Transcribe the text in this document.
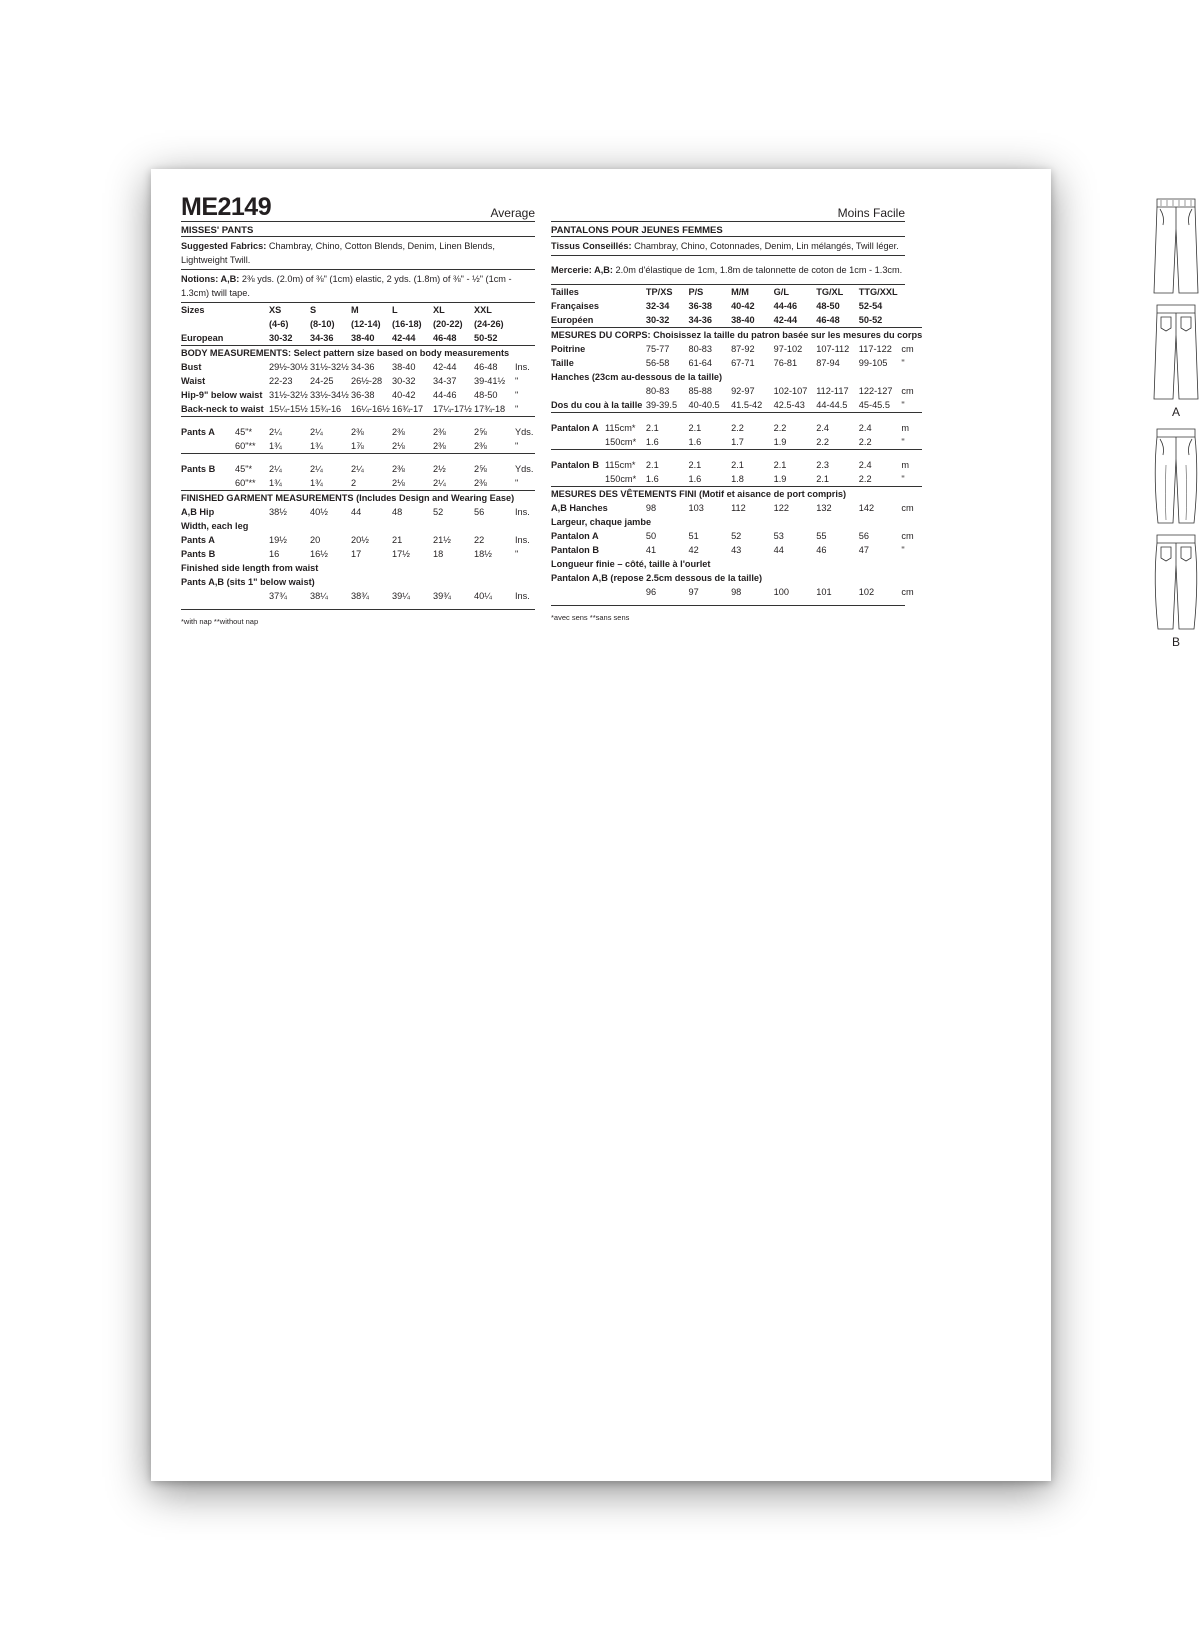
ME2149	Average
MISSES' PANTS
Suggested Fabrics: Chambray, Chino, Cotton Blends, Denim, Linen Blends, Lightweight Twill.
Notions: A,B: 2⅜ yds. (2.0m) of ⅜" (1cm) elastic, 2 yds. (1.8m) of ⅜" - ½" (1cm - 1.3cm) twill tape.
Sizes	XS	S	M	L	XL	XXL	
	(4-6)	(8-10)	(12-14)	(16-18)	(20-22)	(24-26)	
European	30-32	34-36	38-40	42-44	46-48	50-52	
BODY MEASUREMENTS: Select pattern size based on body measurements							
Bust	29½-30½	31½-32½	34-36	38-40	42-44	46-48	Ins.
Waist	22-23	24-25	26½-28	30-32	34-37	39-41½	"
Hip-9" below waist	31½-32½	33½-34½	36-38	40-42	44-46	48-50	"
Back-neck to waist	15¼-15½	15¾-16	16¼-16½	16¾-17	17¼-17½	17¾-18	"

Pants A 45"*	2¼	2¼	2⅜	2⅜	2⅜	2⅝	Yds.
60"**	1¾	1¾	1⅞	2⅛	2⅜	2⅜	"

Pants B 45"*	2¼	2¼	2¼	2⅜	2½	2⅝	Yds.
60"**	1¾	1¾	2	2⅛	2¼	2⅜	"
FINISHED GARMENT MEASUREMENTS (Includes Design and Wearing Ease)							
A,B Hip	38½	40½	44	48	52	56	Ins.
Width, each leg							
Pants A	19½	20	20½	21	21½	22	Ins.
Pants B	16	16½	17	17½	18	18½	"
Finished side length from waist							
Pants A,B (sits 1" below waist)							
	37¾	38¼	38¾	39¼	39¾	40¼	Ins.
*with nap **without nap
Moins Facile
PANTALONS POUR JEUNES FEMMES
Tissus Conseillés: Chambray, Chino, Cotonnades, Denim, Lin mélangés, Twill léger.
Mercerie: A,B: 2.0m d'élastique de 1cm, 1.8m de talonnette de coton de 1cm - 1.3cm.
Tailles	TP/XS	P/S	M/M	G/L	TG/XL	TTG/XXL	
Françaises	32-34	36-38	40-42	44-46	48-50	52-54	
Européen	30-32	34-36	38-40	42-44	46-48	50-52	
MESURES DU CORPS: Choisissez la taille du patron basée sur les mesures du corps							
Poitrine	75-77	80-83	87-92	97-102	107-112	117-122	cm
Taille	56-58	61-64	67-71	76-81	87-94	99-105	"
Hanches (23cm au-dessous de la taille)							
	80-83	85-88	92-97	102-107	112-117	122-127	cm
Dos du cou à la taille	39-39.5	40-40.5	41.5-42	42.5-43	44-44.5	45-45.5	"

Pantalon A 115cm*	2.1	2.1	2.2	2.2	2.4	2.4	m
150cm*	1.6	1.6	1.7	1.9	2.2	2.2	"

Pantalon B 115cm*	2.1	2.1	2.1	2.1	2.3	2.4	m
150cm*	1.6	1.6	1.8	1.9	2.1	2.2	"
MESURES DES VÊTEMENTS FINI (Motif et aisance de port compris)							
A,B Hanches	98	103	112	122	132	142	cm
Largeur, chaque jambe							
Pantalon A	50	51	52	53	55	56	cm
Pantalon B	41	42	43	44	46	47	"
Longueur finie – côté, taille à l'ourlet							
Pantalon A,B (repose 2.5cm dessous de la taille)							
	96	97	98	100	101	102	cm
*avec sens **sans sens
A
B
